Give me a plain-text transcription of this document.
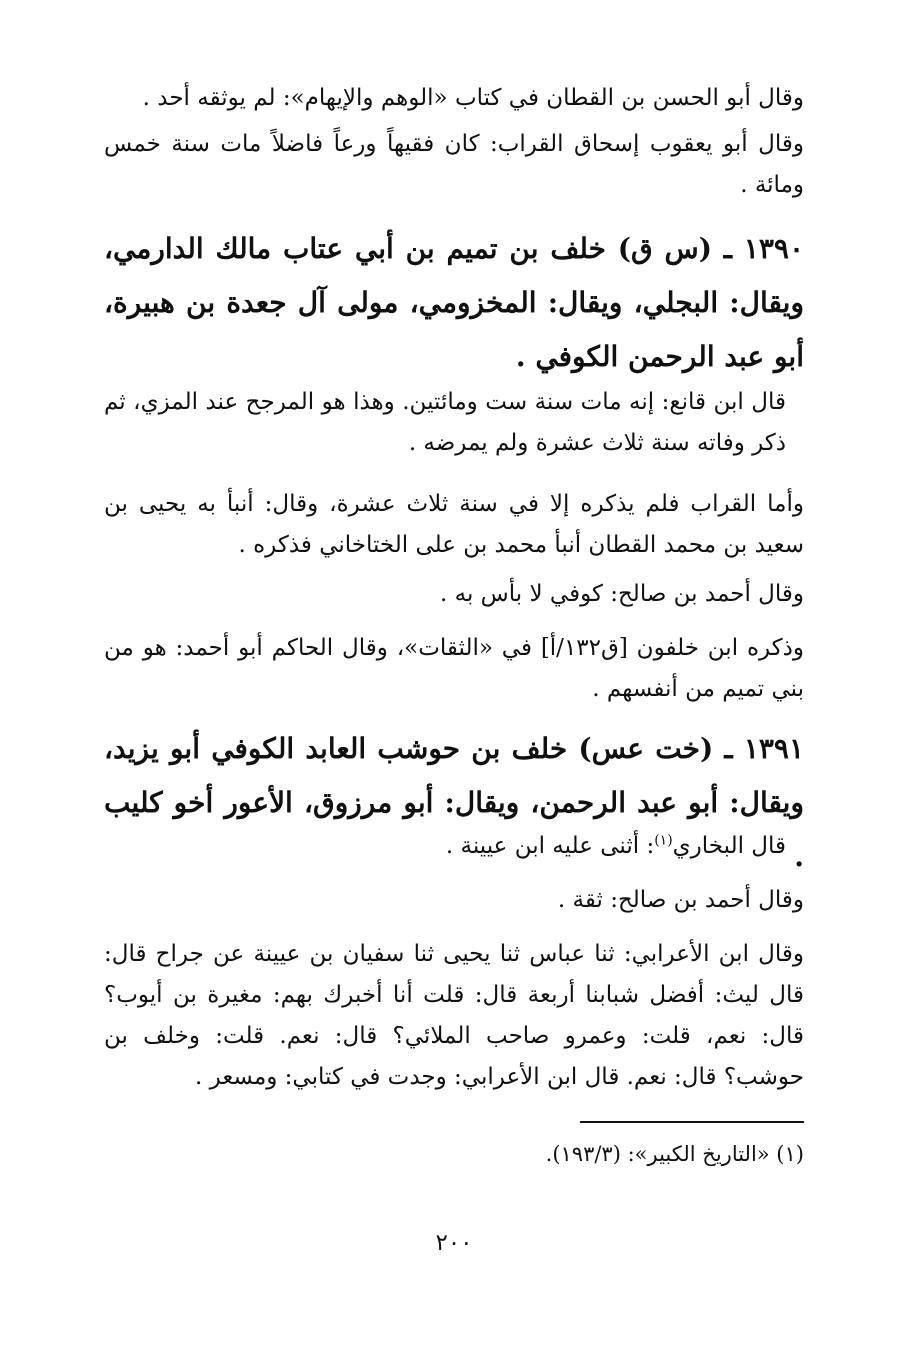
وقال أبو الحسن بن القطان في كتاب «الوهم والإيهام»: لم يوثقه أحد .

وقال أبو يعقوب إسحاق القراب: كان فقيهاً ورعاً فاضلاً مات سنة خمس ومائة .

١٣٩٠ ـ (س ق) خلف بن تميم بن أبي عتاب مالك الدارمي، ويقال: البجلي، ويقال: المخزومي، مولى آل جعدة بن هبيرة، أبو عبد الرحمن الكوفي .

قال ابن قانع: إنه مات سنة ست ومائتين. وهذا هو المرجح عند المزي، ثم ذكر وفاته سنة ثلاث عشرة ولم يمرضه .

وأما القراب فلم يذكره إلا في سنة ثلاث عشرة، وقال: أنبأ به يحيى بن سعيد بن محمد القطان أنبأ محمد بن على الختاخاني فذكره .

وقال أحمد بن صالح: كوفي لا بأس به .

وذكره ابن خلفون [ق١٣٢/أ] في «الثقات»، وقال الحاكم أبو أحمد: هو من بني تميم من أنفسهم .

١٣٩١ ـ (خت عس) خلف بن حوشب العابد الكوفي أبو يزيد، ويقال: أبو عبد الرحمن، ويقال: أبو مرزوق، الأعور أخو كليب .

قال البخاري$^{(١)}$: أثنى عليه ابن عيينة .

وقال أحمد بن صالح: ثقة .

وقال ابن الأعرابي: ثنا عباس ثنا يحيى ثنا سفيان بن عيينة عن جراح قال: قال ليث: أفضل شبابنا أربعة قال: قلت أنا أخبرك بهم: مغيرة بن أيوب؟ قال: نعم، قلت: وعمرو صاحب الملائي؟ قال: نعم. قلت: وخلف بن حوشب؟ قال: نعم. قال ابن الأعرابي: وجدت في كتابي: ومسعر .

(١) «التاريخ الكبير»: (١٩٣/٣).

٢٠٠
